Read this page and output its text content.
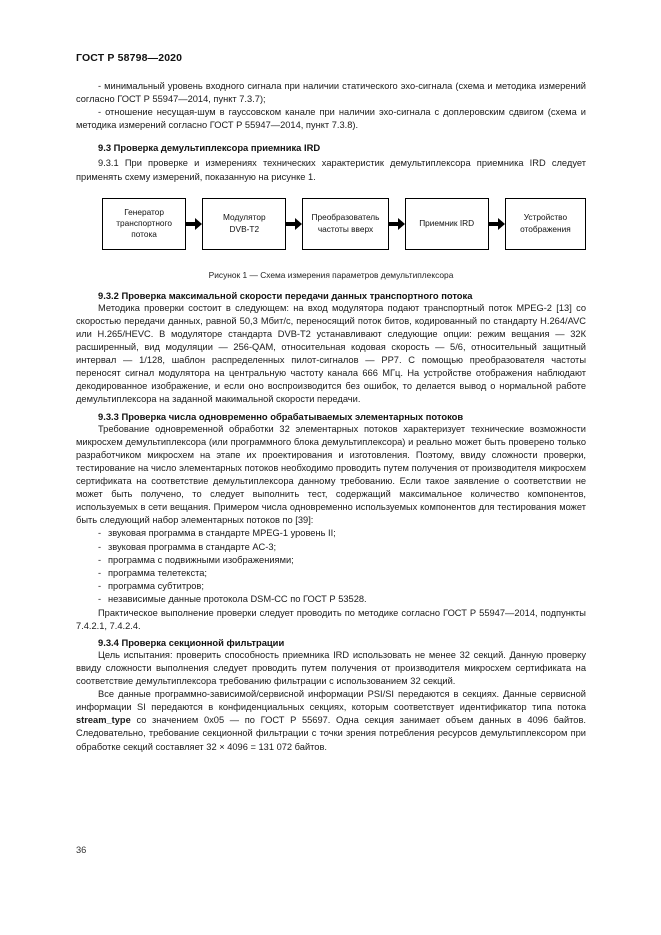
ГОСТ Р 58798—2020

- минимальный уровень входного сигнала при наличии статического эхо-сигнала (схема и методика измерений согласно ГОСТ Р 55947—2014, пункт 7.3.7);

- отношение несущая-шум в гауссовском канале при наличии эхо-сигнала с доплеровским сдвигом (схема и методика измерений согласно ГОСТ Р 55947—2014, пункт 7.3.8).

9.3 Проверка демультиплексора приемника IRD

9.3.1 При проверке и измерениях технических характеристик демультиплексора приемника IRD следует применять схему измерений, показанную на рисунке 1.

Генератор
транспортного
потока
Модулятор
DVB-T2
Преобразователь
частоты вверх
Приемник IRD
Устройство
отображения
Рисунок 1 — Схема измерения параметров демультиплексора

9.3.2 Проверка максимальной скорости передачи данных транспортного потока

Методика проверки состоит в следующем: на вход модулятора подают транспортный поток MPEG-2 [13] со скоростью передачи данных, равной 50,3 Мбит/с, переносящий поток битов, кодированный по стандарту H.264/AVC или H.265/HEVC. В модуляторе стандарта DVB-T2 устанавливают следующие опции: режим вещания — 32К расширенный, вид модуляции — 256-QAM, относительная кодовая скорость — 5/6, относительный защитный интервал — 1/128, шаблон распределенных пилот-сигналов — PP7. С помощью преобразователя частоты переносят сигнал модулятора на центральную частоту канала 666 МГц. На устройстве отображения наблюдают декодированное изображение, и если оно воспроизводится без ошибок, то делается вывод о нормальной работе демультиплексора на заданной макимальной скорости передачи.

9.3.3 Проверка числа одновременно обрабатываемых элементарных потоков

Требование одновременной обработки 32 элементарных потоков характеризует технические возможности микросхем демультиплексора (или программного блока демультиплексора) и реально может быть проверено только разработчиком микросхем на этапе их проектирования и изготовления. Поэтому, ввиду сложности проверки, тестирование на число элементарных потоков необходимо проводить путем получения от производителя микросхем сертификата на соответствие демультиплексора данному требованию. Если такое заявление о соответствии не может быть получено, то следует выполнить тест, содержащий максимальное количество компонентов, используемых в сети вещания. Примером числа одновременно используемых компонентов для тестирования может быть следующий набор элементарных потоков по [39]:

- звуковая программа в стандарте MPEG-1 уровень II;
- звуковая программа в стандарте AC-3;
- программа с подвижными изображениями;
- программа телетекста;
- программа субтитров;
- независимые данные протокола DSM-CC по ГОСТ Р 53528.

Практическое выполнение проверки следует проводить по методике согласно ГОСТ Р 55947—2014, подпункты 7.4.2.1, 7.4.2.4.

9.3.4 Проверка секционной фильтрации

Цель испытания: проверить способность приемника IRD использовать не менее 32 секций. Данную проверку ввиду сложности выполнения следует проводить путем получения от производителя микросхем сертификата на соответствие демультиплексора требованию фильтрации с использованием 32 секций.

Все данные программно-зависимой/сервисной информации PSI/SI передаются в секциях. Данные сервисной информации SI передаются в конфиденциальных секциях, которым соответствует идентификатор типа потока stream_type со значением 0x05 — по ГОСТ Р 55697. Одна секция занимает объем данных в 4096 байтов. Следовательно, требование секционной фильтрации с точки зрения потребления ресурсов демультиплексором при обработке секций составляет 32 × 4096 = 131 072 байтов.

36
